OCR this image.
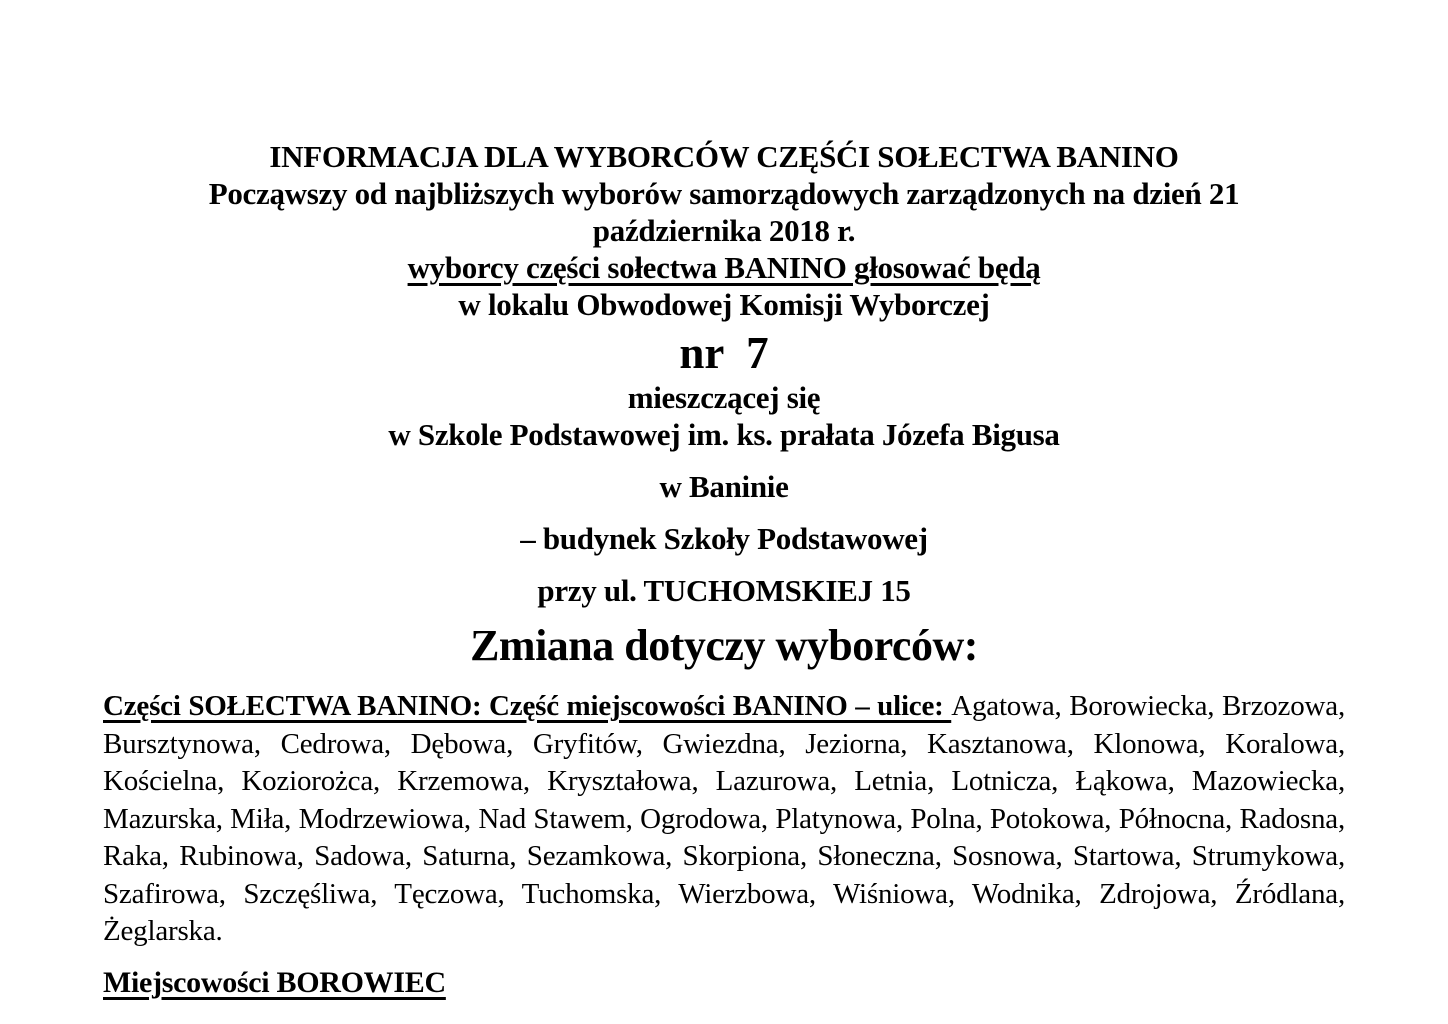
INFORMACJA DLA WYBORCÓW CZĘŚĆI SOŁECTWA BANINO
Począwszy od najbliższych wyborów samorządowych zarządzonych na dzień 21
października 2018 r.
wyborcy części sołectwa BANINO głosować będą
w lokalu Obwodowej Komisji Wyborczej
nr  7
mieszczącej się
w Szkole Podstawowej im. ks. prałata Józefa Bigusa
w Baninie
– budynek Szkoły Podstawowej
przy ul. TUCHOMSKIEJ 15
Zmiana dotyczy wyborców:

Części SOŁECTWA BANINO: Część miejscowości BANINO – ulice: Agatowa, Borowiecka, Brzozowa, Bursztynowa, Cedrowa, Dębowa, Gryfitów, Gwiezdna, Jeziorna, Kasztanowa, Klonowa, Koralowa, Kościelna, Koziorożca, Krzemowa, Kryształowa, Lazurowa, Letnia, Lotnicza, Łąkowa, Mazowiecka, Mazurska, Miła, Modrzewiowa, Nad Stawem, Ogrodowa, Platynowa, Polna, Potokowa, Północna, Radosna, Raka, Rubinowa, Sadowa, Saturna, Sezamkowa, Skorpiona, Słoneczna, Sosnowa, Startowa, Strumykowa, Szafirowa, Szczęśliwa, Tęczowa, Tuchomska, Wierzbowa, Wiśniowa, Wodnika, Zdrojowa, Źródlana, Żeglarska.

Miejscowości BOROWIEC
